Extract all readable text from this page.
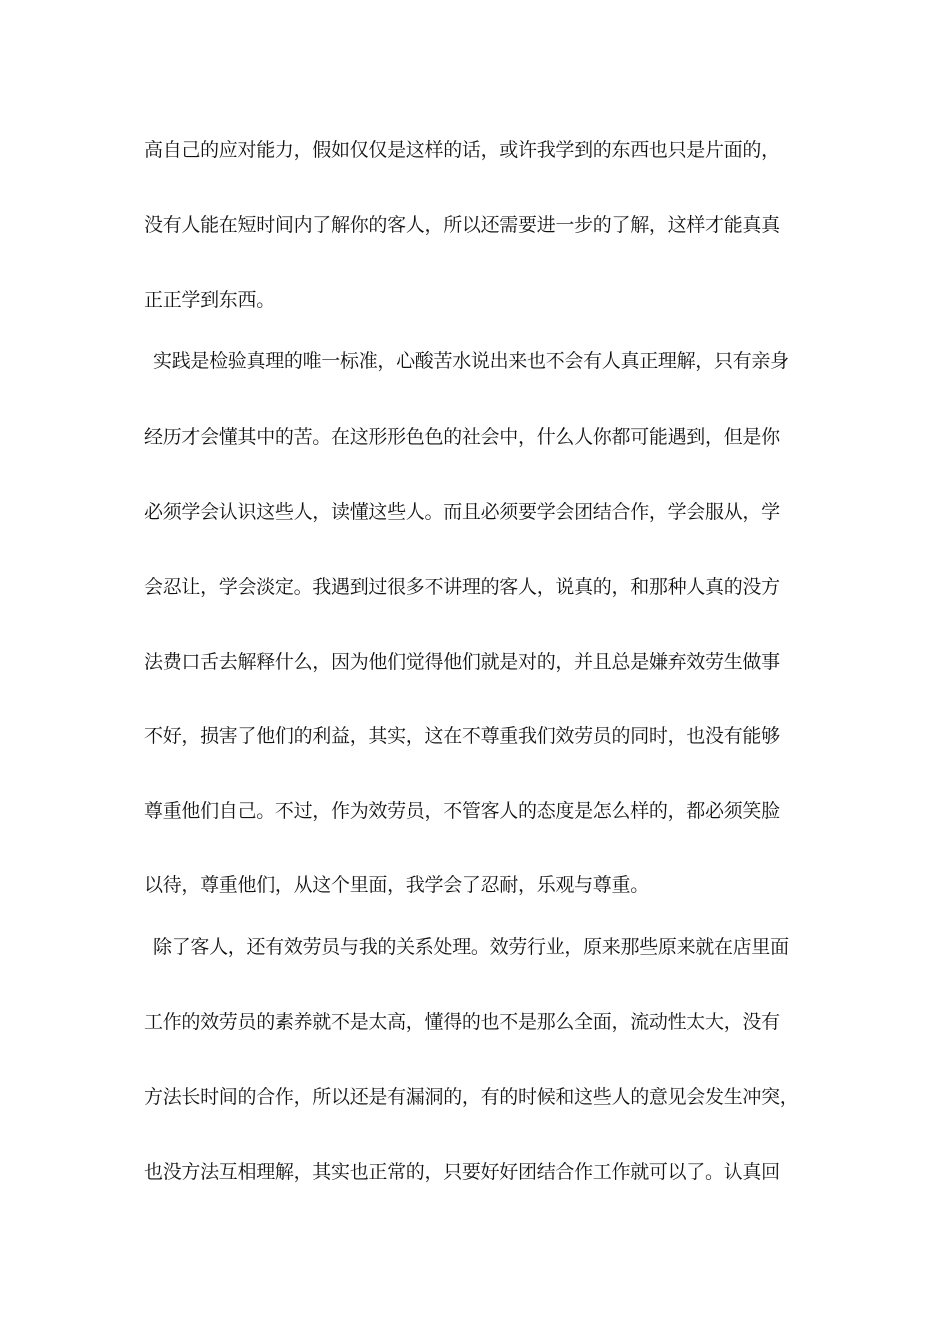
高自己的应对能力，假如仅仅是这样的话，或许我学到的东西也只是片面的，
没有人能在短时间内了解你的客人，所以还需要进一步的了解，这样才能真真
正正学到东西。
实践是检验真理的唯一标准，心酸苦水说出来也不会有人真正理解，只有亲身
经历才会懂其中的苦。在这形形色色的社会中，什么人你都可能遇到，但是你
必须学会认识这些人，读懂这些人。而且必须要学会团结合作，学会服从，学
会忍让，学会淡定。我遇到过很多不讲理的客人，说真的，和那种人真的没方
法费口舌去解释什么，因为他们觉得他们就是对的，并且总是嫌弃效劳生做事
不好，损害了他们的利益，其实，这在不尊重我们效劳员的同时，也没有能够
尊重他们自己。不过，作为效劳员，不管客人的态度是怎么样的，都必须笑脸
以待，尊重他们，从这个里面，我学会了忍耐，乐观与尊重。
除了客人，还有效劳员与我的关系处理。效劳行业，原来那些原来就在店里面
工作的效劳员的素养就不是太高，懂得的也不是那么全面，流动性太大，没有
方法长时间的合作，所以还是有漏洞的，有的时候和这些人的意见会发生冲突，
也没方法互相理解，其实也正常的，只要好好团结合作工作就可以了。认真回
